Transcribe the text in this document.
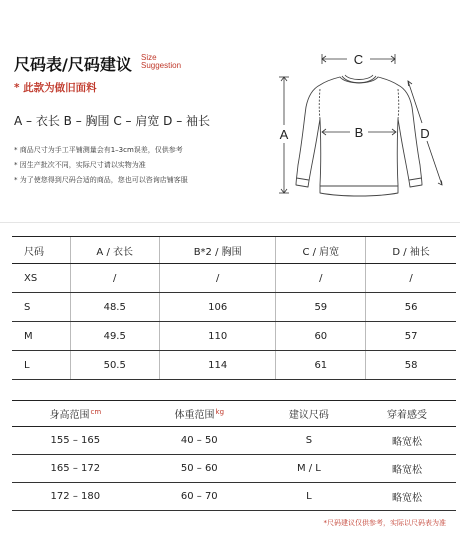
尺码表/尺码建议 Size
Suggestion
* 此款为做旧面料
A – 衣长 B – 胸围 C – 肩宽 D – 袖长
* 商品尺寸为手工平铺测量会有1–3cm误差，仅供参考
* 因生产批次不同，实际尺寸请以实物为准
* 为了使您得到尺码合适的商品，您也可以咨询店铺客服
C
A	B	D
尺码	A / 衣长	B*2 / 胸围	C / 肩宽	D / 袖长
XS	/	/	/	/
S	48.5	106	59	56
M	49.5	110	60	57
L	50.5	114	61	58
身高范围$^{cm}$	体重范围$^{kg}$	建议尺码	穿着感受
155 – 165	40 – 50	S	略宽松
165 – 172	50 – 60	M / L	略宽松
172 – 180	60 – 70	L	略宽松
*尺码建议仅供参考，实际以尺码表为准
